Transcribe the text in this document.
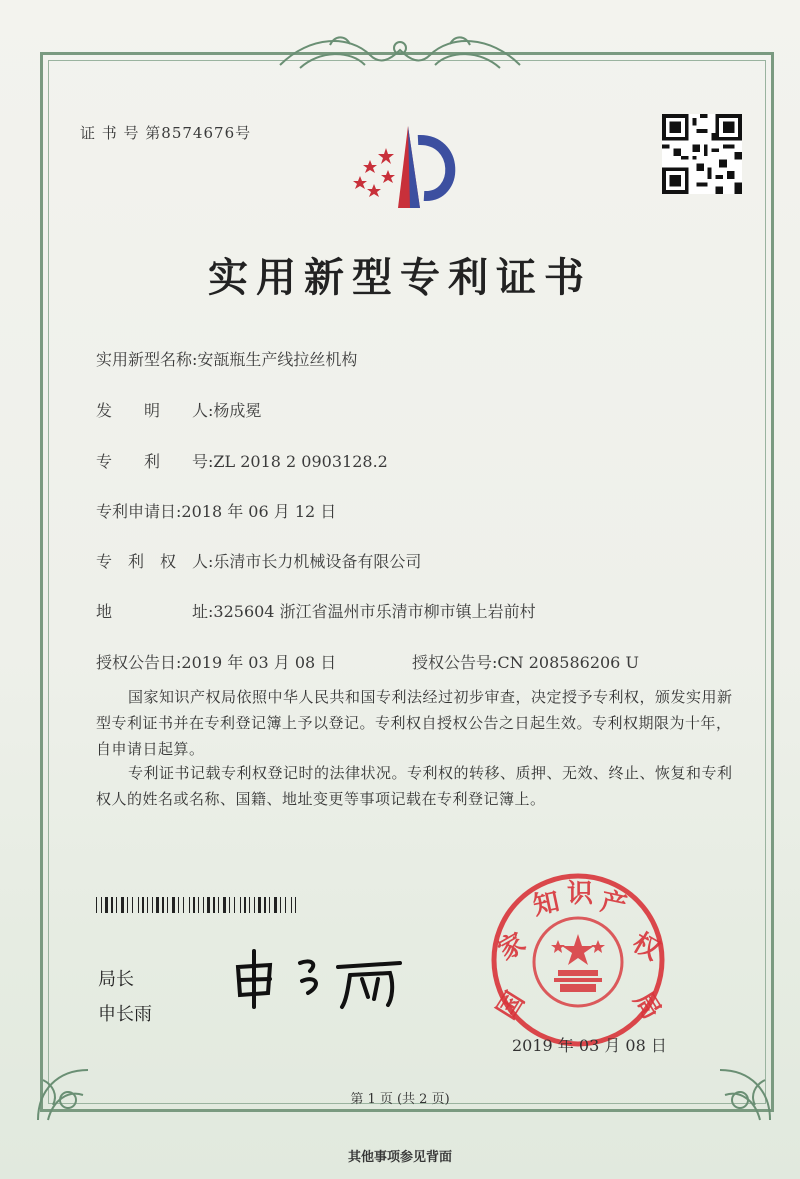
证 书 号 第8574676号
实用新型专利证书
实用新型名称:安瓿瓶生产线拉丝机构
发　　明　　人:杨成冕
专　　利　　号:ZL 2018 2 0903128.2
专利申请日:2018 年 06 月 12 日
专　利　权　人:乐清市长力机械设备有限公司
地　　　　　址:325604 浙江省温州市乐清市柳市镇上岩前村
授权公告日:2019 年 03 月 08 日	授权公告号:CN 208586206 U
国家知识产权局依照中华人民共和国专利法经过初步审查，决定授予专利权，颁发实用新型专利证书并在专利登记簿上予以登记。专利权自授权公告之日起生效。专利权期限为十年，自申请日起算。
专利证书记载专利权登记时的法律状况。专利权的转移、质押、无效、终止、恢复和专利权人的姓名或名称、国籍、地址变更等事项记载在专利登记簿上。
局长
申长雨	国
家
知 识 产
权
局
2019 年 03 月 08 日
第 1 页 (共 2 页)
其他事项参见背面
